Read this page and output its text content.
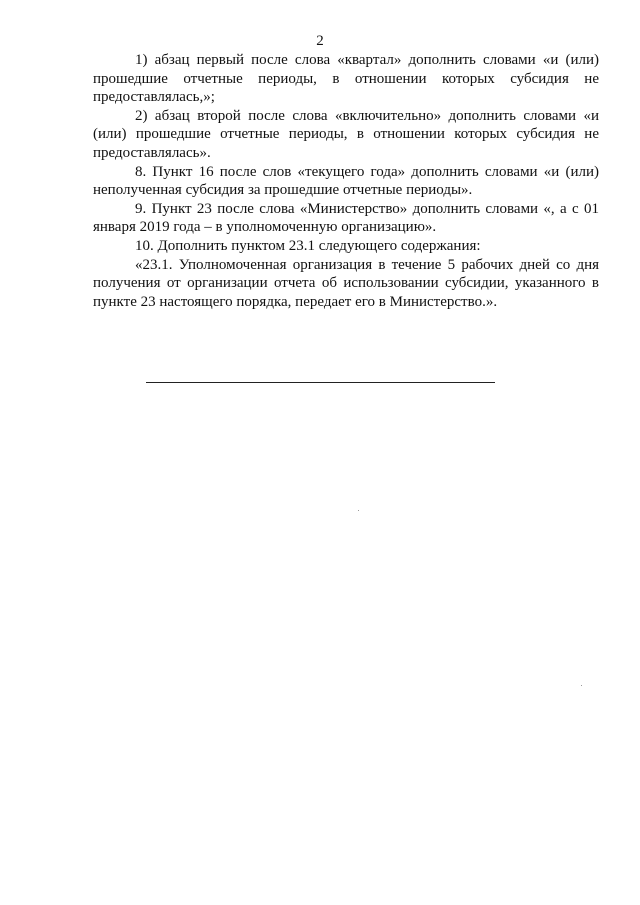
2

1) абзац первый после слова «квартал» дополнить словами «и (или) прошедшие отчетные периоды, в отношении которых субсидия не предоставлялась,»;

2) абзац второй после слова «включительно» дополнить словами «и (или) прошедшие отчетные периоды, в отношении которых субсидия не предоставлялась».

8. Пункт 16 после слов «текущего года» дополнить словами «и (или) неполученная субсидия за прошедшие отчетные периоды».

9. Пункт 23 после слова «Министерство» дополнить словами «, а с 01 января 2019 года – в уполномоченную организацию».

10. Дополнить пунктом 23.1 следующего содержания:

«23.1. Уполномоченная организация в течение 5 рабочих дней со дня получения от организации отчета об использовании субсидии, указанного в пункте 23 настоящего порядка, передает его в Министерство.».
